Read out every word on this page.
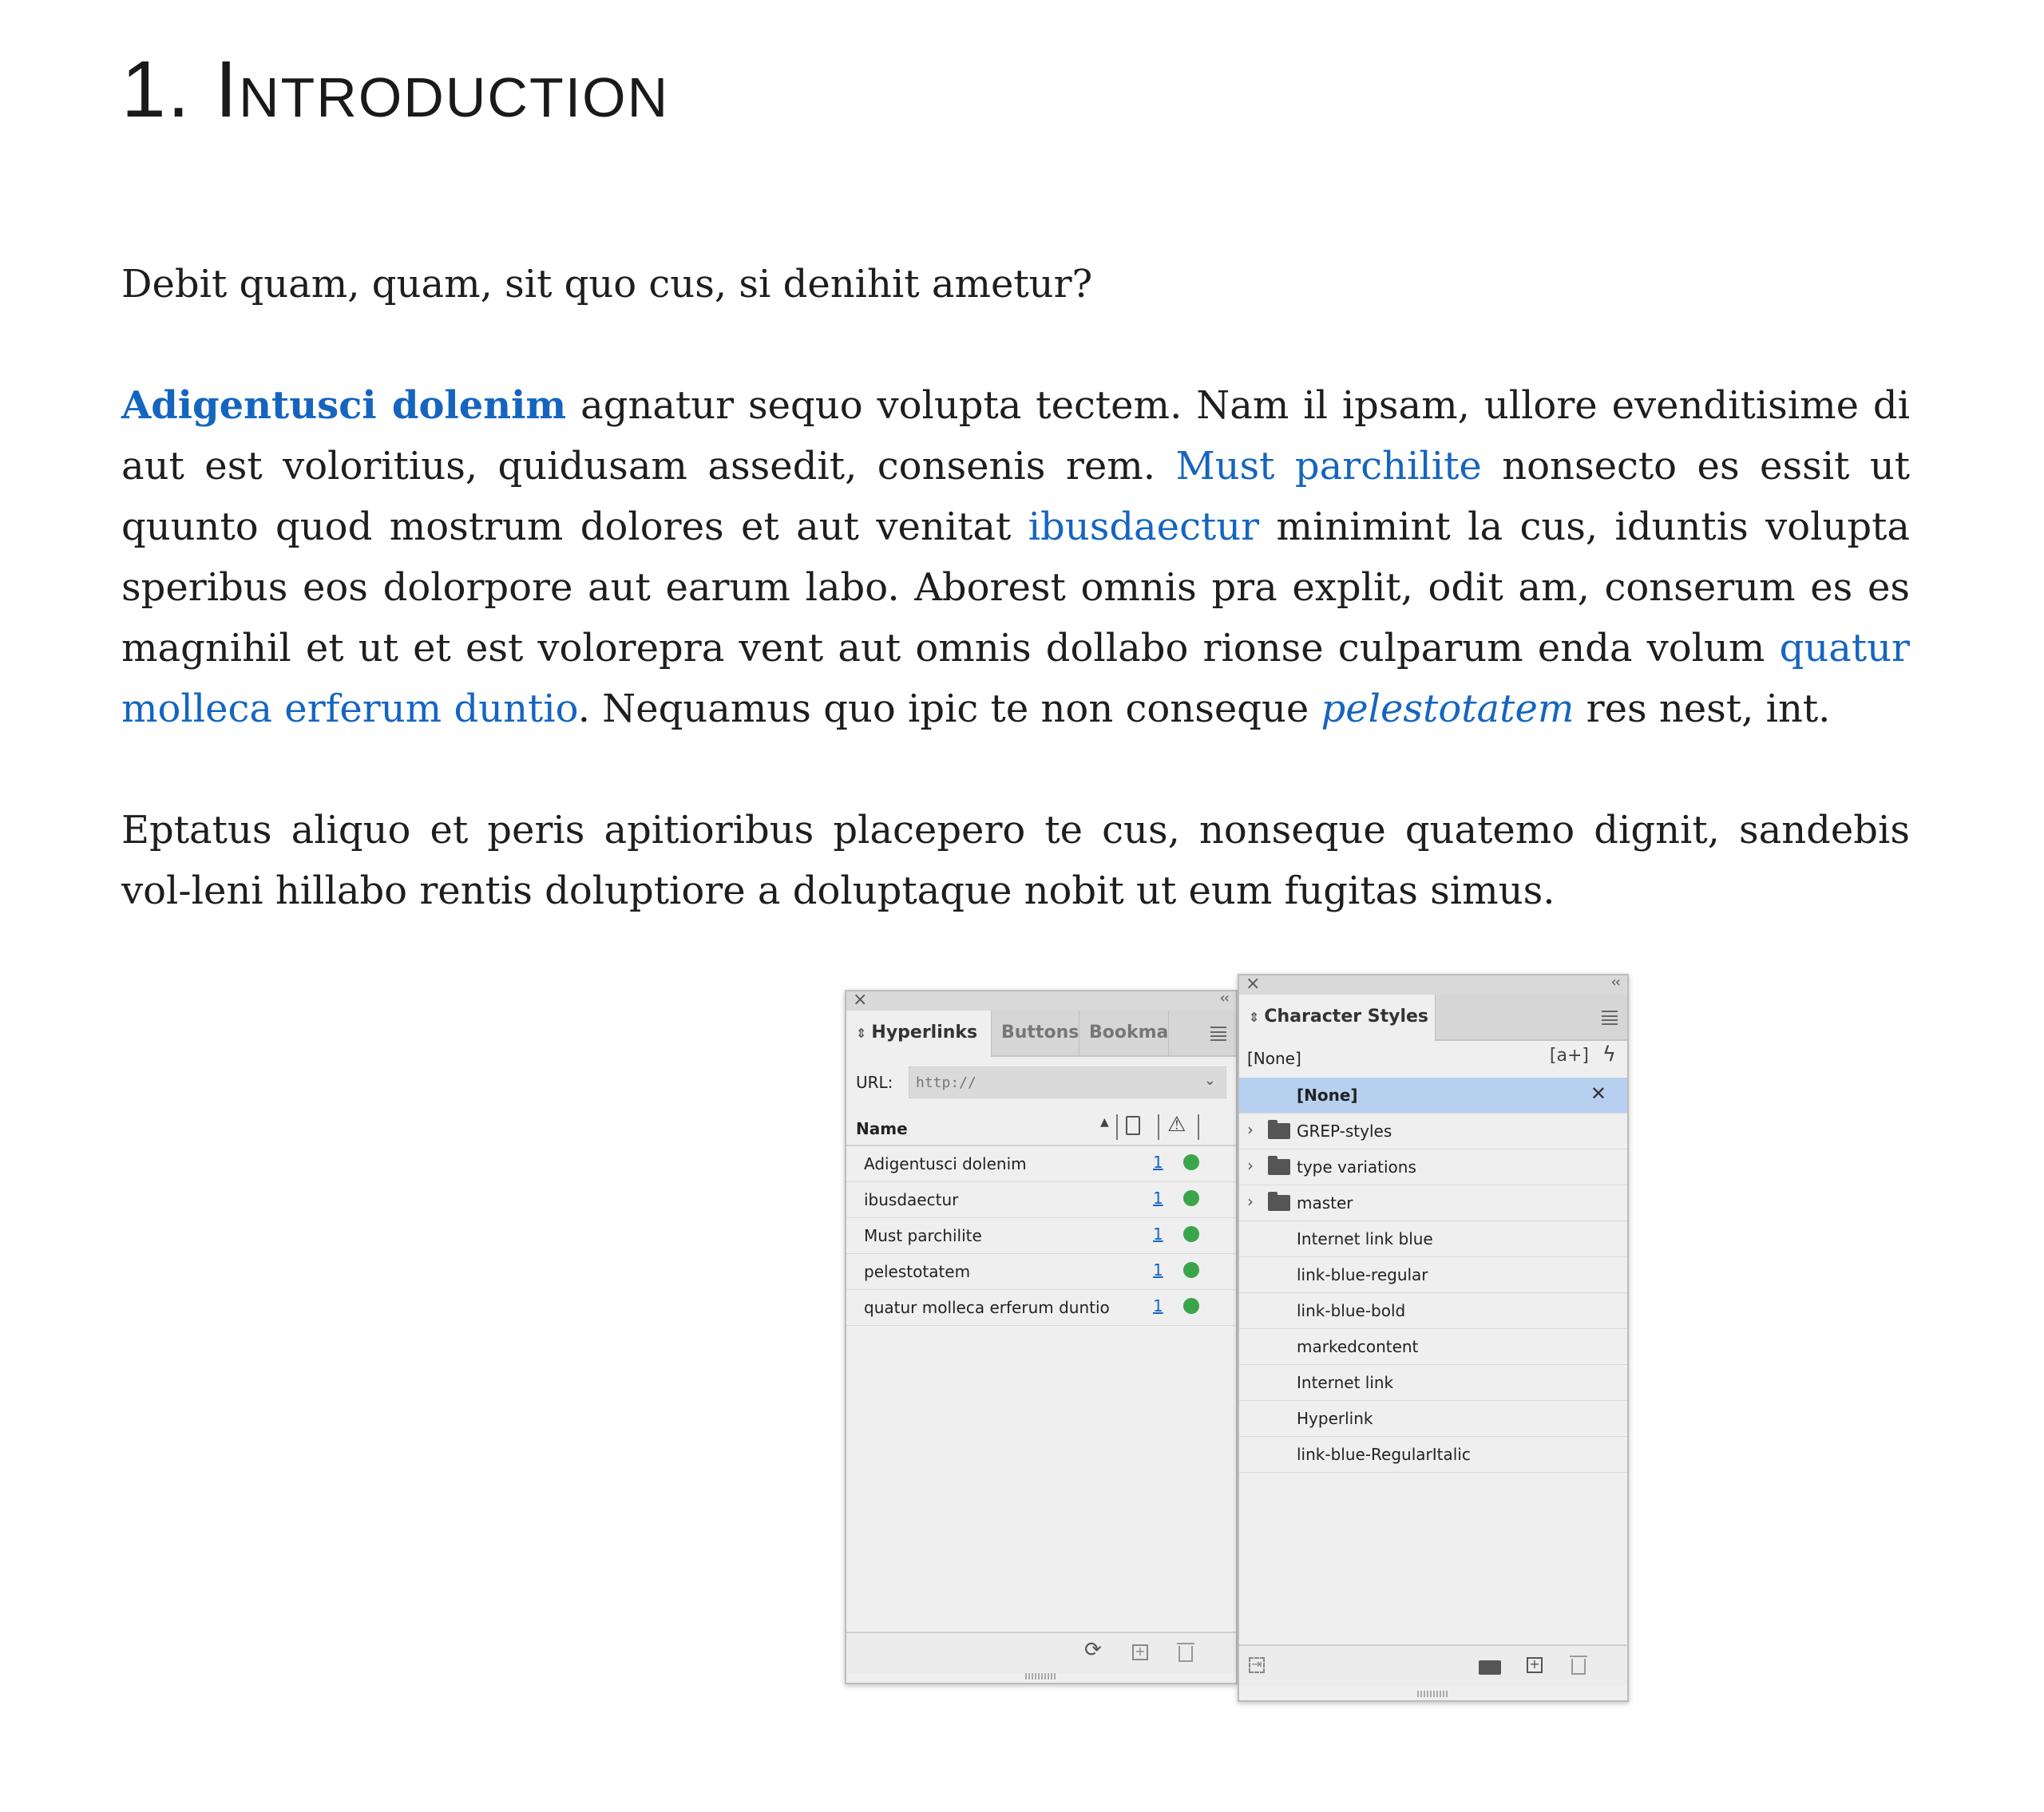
1. Introduction

Debit quam, quam, sit quo cus, si denihit ametur?

Adigentusci dolenim agnatur sequo volupta tectem. Nam il ipsam, ullore evenditisime di aut est voloritius, quidusam assedit, consenis rem. Must parchilite nonsecto es essit ut quunto quod mostrum dolores et aut venitat ibusdaectur minimint la cus, iduntis volupta speribus eos dolorpore aut earum labo. Aborest omnis pra explit, odit am, conserum es es magnihil et ut et est volorepra vent aut omnis dollabo rionse culparum enda volum quatur molleca erferum duntio. Nequamus quo ipic te non conseque pelestotatem res nest, int.

Eptatus aliquo et peris apitioribus placepero te cus, nonseque quatemo dignit, sandebis vol-leni hillabo rentis doluptiore a doluptaque nobit ut eum fugitas simus.

×	‹‹
⇕ Hyperlinks	Buttons Bookma
URL:
http://	⌄
Name	▲	⚠
Adigentusci dolenim	1
ibusdaectur	1
Must parchilite	1
pelestotatem	1
quatur molleca erferum duntio	1
⟳	+
×	‹‹
⇕ Character Styles
[None]	[a+] ϟ
[None]	✕
›	GREP-styles
›	type variations
›	master
Internet link blue
link-blue-regular
link-blue-bold
markedcontent
Internet link
Hyperlink
link-blue-RegularItalic
⇥	+
